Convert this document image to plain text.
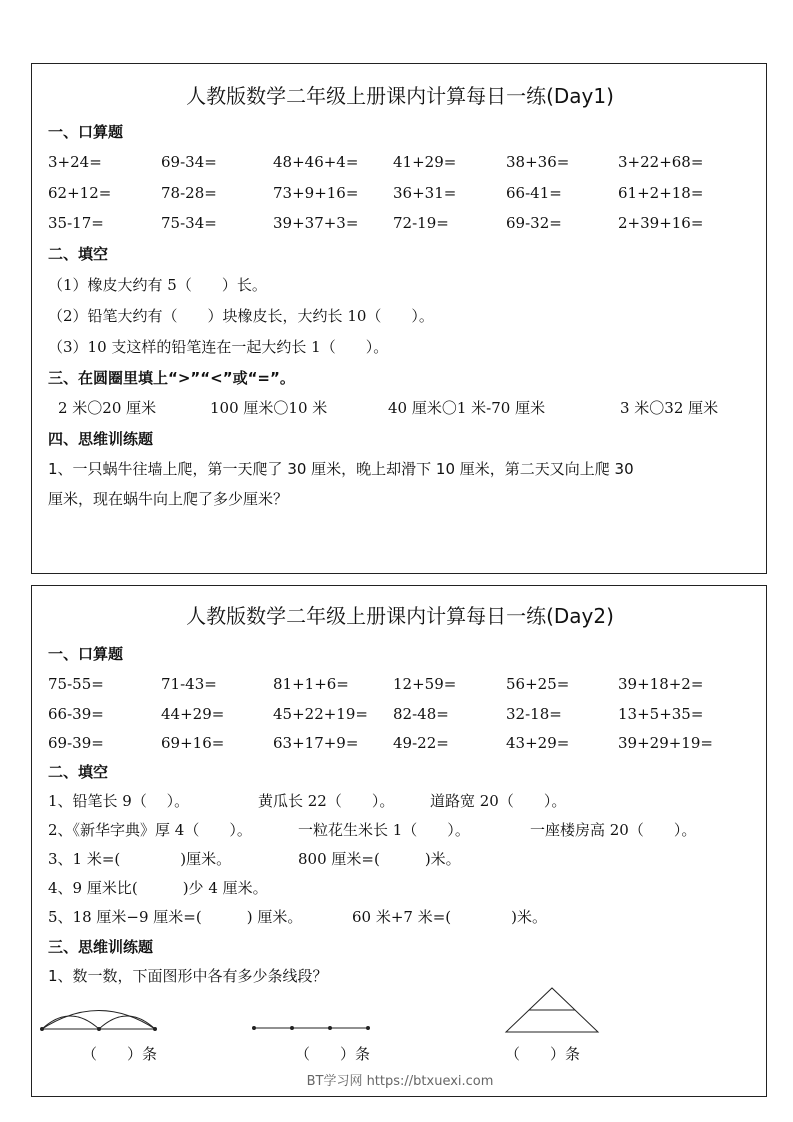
人教版数学二年级上册课内计算每日一练(Day1)
一、口算题
3+24=	69-34=	48+46+4= 41+29=	38+36=	3+22+68=
62+12=	78-28=	73+9+16= 36+31=	66-41=	61+2+18=
35-17=	75-34=	39+37+3= 72-19=	69-32=	2+39+16=
二、填空
（1）橡皮大约有 5（　　）长。
（2）铅笔大约有（　　）块橡皮长，大约长 10（　　）。
（3）10 支这样的铅笔连在一起大约长 1（　　）。
三、在圆圈里填上“>”“<”或“=”。
2 米〇20 厘米	100 厘米〇10 米	40 厘米〇1 米-70 厘米	3 米〇32 厘米
四、思维训练题
1、一只蜗牛往墙上爬，第一天爬了 30 厘米，晚上却滑下 10 厘米，第二天又向上爬 30
厘米，现在蜗牛向上爬了多少厘米？
人教版数学二年级上册课内计算每日一练(Day2)
一、口算题
75-55=	71-43=	81+1+6=	12+59=	56+25=	39+18+2=
66-39=	44+29=	45+22+19= 82-48=	32-18=	13+5+35=
69-39=	69+16=	63+17+9= 49-22=	43+29=	39+29+19=
二、填空
1、铅笔长 9（　 ）。	黄瓜长 22（　　）。 道路宽 20（　　）。
2、《新华字典》厚 4（　　）。	一粒花生米长 1（　　）。	一座楼房高 20（　　）。
3、1 米=(　　　　)厘米。	800 厘米=(　　　)米。
4、9 厘米比(　　　)少 4 厘米。
5、18 厘米−9 厘米=(　　　) 厘米。	60 米+7 米=(　　　　)米。
三、思维训练题
1、数一数，下面图形中各有多少条线段？
（　　）条	（　　）条	（　　）条
BT学习网 https://btxuexi.com
